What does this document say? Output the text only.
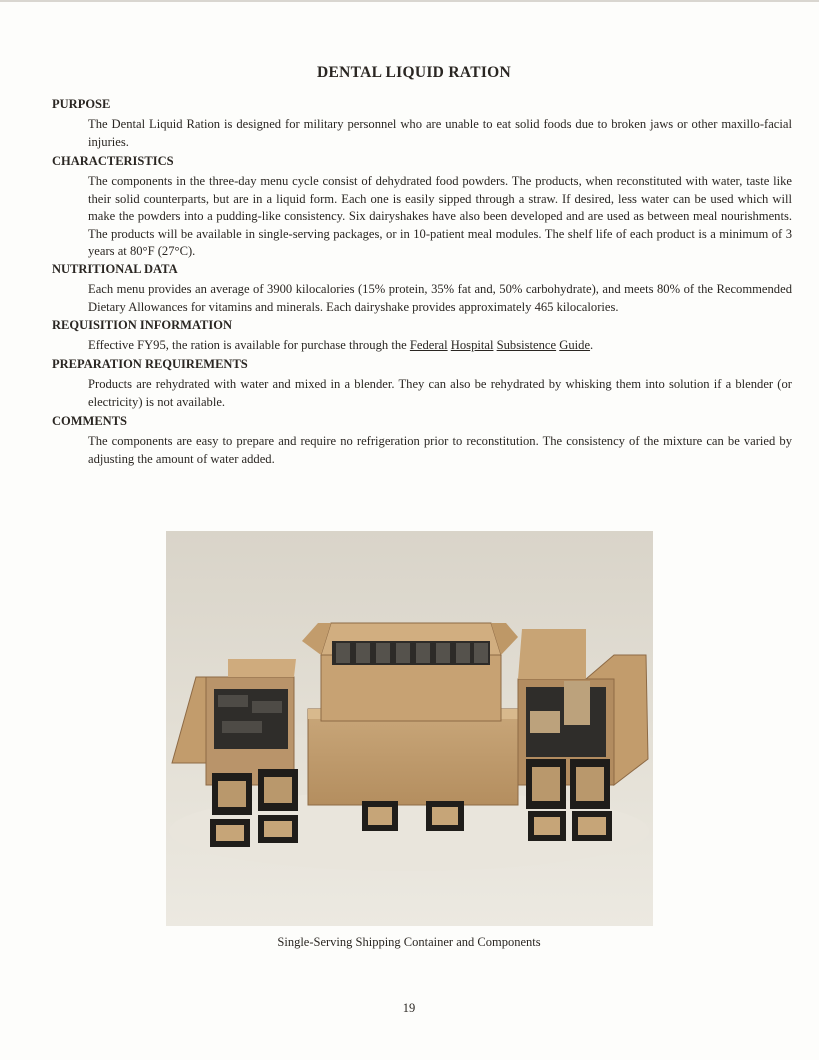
DENTAL LIQUID RATION
PURPOSE
The Dental Liquid Ration is designed for military personnel who are unable to eat solid foods due to broken jaws or other maxillo-facial injuries.
CHARACTERISTICS
The components in the three-day menu cycle consist of dehydrated food powders. The products, when reconstituted with water, taste like their solid counterparts, but are in a liquid form. Each one is easily sipped through a straw. If desired, less water can be used which will make the powders into a pudding-like consistency. Six dairyshakes have also been developed and are used as between meal nourishments. The products will be available in single-serving packages, or in 10-patient meal modules. The shelf life of each product is a minimum of 3 years at 80°F (27°C).
NUTRITIONAL DATA
Each menu provides an average of 3900 kilocalories (15% protein, 35% fat and, 50% carbohydrate), and meets 80% of the Recommended Dietary Allowances for vitamins and minerals. Each dairyshake provides approximately 465 kilocalories.
REQUISITION INFORMATION
Effective FY95, the ration is available for purchase through the Federal Hospital Subsistence Guide.
PREPARATION REQUIREMENTS
Products are rehydrated with water and mixed in a blender. They can also be rehydrated by whisking them into solution if a blender (or electricity) is not available.
COMMENTS
The components are easy to prepare and require no refrigeration prior to reconstitution. The consistency of the mixture can be varied by adjusting the amount of water added.
Single-Serving Shipping Container and Components
19
